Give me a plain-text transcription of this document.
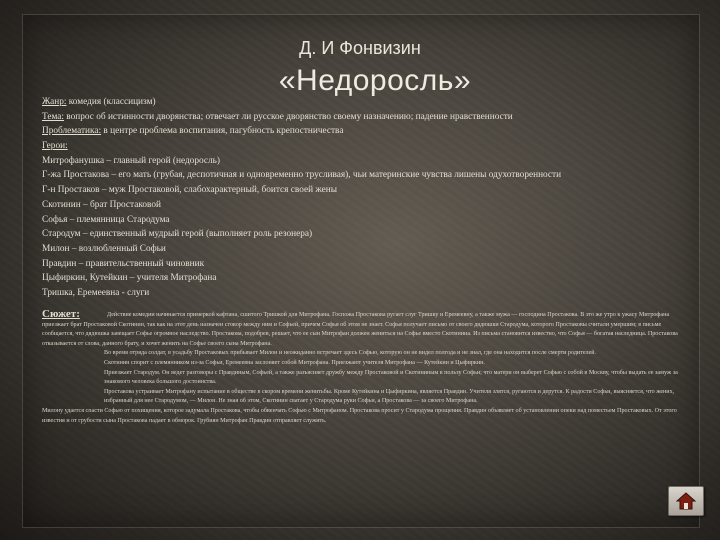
Д. И Фонвизин
«Недоросль»
Жанр: комедия (классицизм)
Тема: вопрос об истинности дворянства; отвечает ли русское дворянство своему назначению; падение нравственности
Проблематика: в центре проблема воспитания, пагубность крепостничества
Герои:
Митрофанушка – главный герой (недоросль)
Г-жа Простакова – его мать (грубая, деспотичная и одновременно трусливая), чьи материнские чувства лишены одухотворенности
Г-н Простаков – муж Простаковой, слабохарактерный, боится своей жены
Скотинин – брат Простаковой
Софья – племянница Стародума
Стародум – единственный мудрый герой (выполняет роль резонера)
Милон – возлюбленный Софьи
Правдин – правительственный чиновник
Цыфиркин, Кутейкин – учителя Митрофана
Тришка, Еремеевна - слуги
Сюжет:	Действие комедии начинается примеркой кафтана, сшитого Тришкой для Митрофана. Госпожа Простакова ругает слуг Тришку и Еремеевну, а также мужа — господина Простакова. В это же утро к ужасу Митрофана приезжает брат Простаковой Скотинин, так как на этот день назначен сговор между ним и Софьей, причем Софья об этом не знает. Софья получает письмо от своего дядюшки Стародума, которого Простаковы считали умершим; в письме сообщается, что дядюшка завещает Софье огромное наследство. Простакова, подобрев, решает, что ее сын Митрофан должен жениться на Софье вместо Скотинина. Из письма становится известно, что Софья — богатая наследница. Простакова отказывается от слова, данного брату, и хочет женить на Софье своего сына Митрофана.

Во время отряда солдат, в усадьбу Простаковых прибывает Милон и неожиданно встречает здесь Софью, которую он не видел полгода и не знал, где она находится после смерти родителей.

Скотинин спорит с племянником из-за Софьи, Еремеевна заслоняет собой Митрофана. Приезжают учителя Митрофана — Кутейкин и Цыфиркин.

Приезжает Стародум. Он ведет разговоры с Правдиным, Софьей, а также разъясняет дружбу между Простаковой и Скотининым в пользу Софьи; что матери он выберет Софью с собой в Москву, чтобы выдать ее замуж за знакомого человека большого достоинства.

Простакова устраивает Митрофану испытание в обществе в скором времени женитьбы. Кроме Кутейкина и Цыфиркина, является Правдин. Учителя злятся, ругаются и дерутся. К радости Софьи, выясняется, что жених, избранный для нее Стародумом, — Милон. Не зная об этом, Скотинин сватает у Стародума руки Софьи, а Простакова — за своего Митрофана.

Милону удается спасти Софью от похищения, которое задумала Простакова, чтобы обвенчать Софью с Митрофаном. Простакова просит у Стародума прощения. Правдин объявляет об установлении опеки над поместьем Простаковых. От этого известия и от грубости сына Простакова падает в обморок. Грубиян Митрофан Правдин отправляет служить.
